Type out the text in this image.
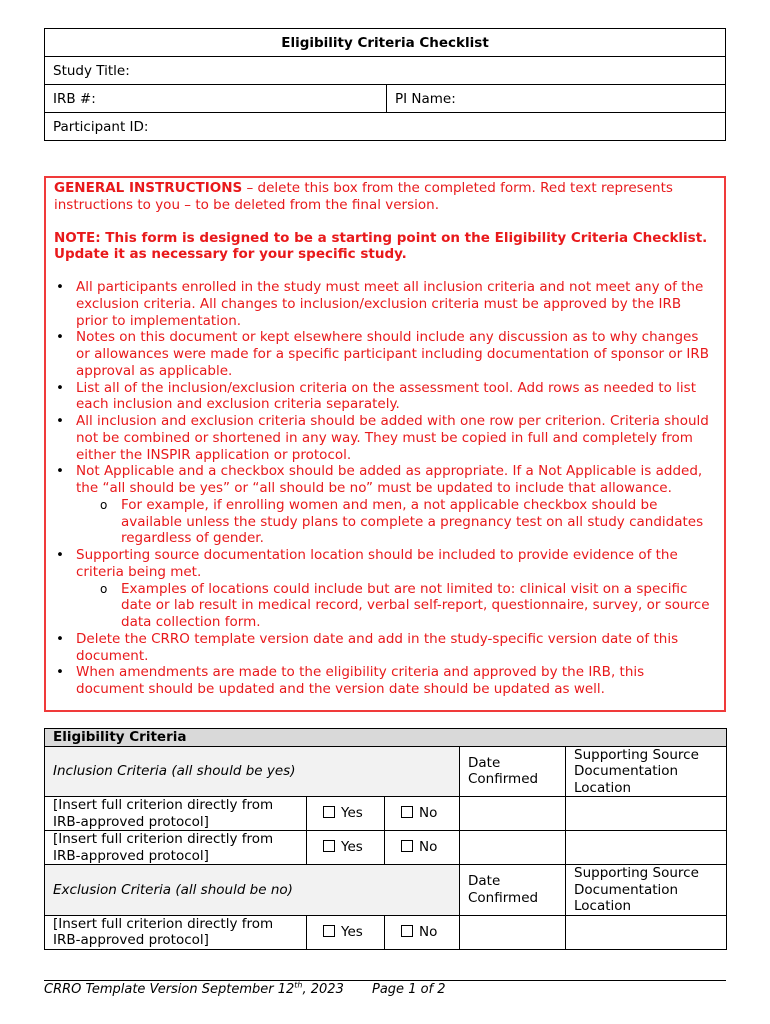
Eligibility Criteria Checklist
Study Title:
IRB #:	PI Name:
Participant ID:

GENERAL INSTRUCTIONS – delete this box from the completed form. Red text represents instructions to you – to be deleted from the final version.

NOTE: This form is designed to be a starting point on the Eligibility Criteria Checklist. Update it as necessary for your specific study.

• All participants enrolled in the study must meet all inclusion criteria and not meet any of the exclusion criteria. All changes to inclusion/exclusion criteria must be approved by the IRB prior to implementation.
• Notes on this document or kept elsewhere should include any discussion as to why changes or allowances were made for a specific participant including documentation of sponsor or IRB approval as applicable.
• List all of the inclusion/exclusion criteria on the assessment tool. Add rows as needed to list each inclusion and exclusion criteria separately.
• All inclusion and exclusion criteria should be added with one row per criterion. Criteria should not be combined or shortened in any way. They must be copied in full and completely from either the INSPIR application or protocol.
• Not Applicable and a checkbox should be added as appropriate. If a Not Applicable is added, the “all should be yes” or “all should be no” must be updated to include that allowance.
o For example, if enrolling women and men, a not applicable checkbox should be available unless the study plans to complete a pregnancy test on all study candidates regardless of gender.
• Supporting source documentation location should be included to provide evidence of the criteria being met.
o Examples of locations could include but are not limited to: clinical visit on a specific date or lab result in medical record, verbal self-report, questionnaire, survey, or source data collection form.
• Delete the CRRO template version date and add in the study-specific version date of this document.
• When amendments are made to the eligibility criteria and approved by the IRB, this document should be updated and the version date should be updated as well.
Eligibility Criteria				
Inclusion Criteria (all should be yes)			Date Confirmed	Supporting Source Documentation Location
[Insert full criterion directly from IRB-approved protocol]	Yes	No		
[Insert full criterion directly from IRB-approved protocol]	Yes	No		
Exclusion Criteria (all should be no)			Date Confirmed	Supporting Source Documentation Location
[Insert full criterion directly from IRB-approved protocol]	Yes	No		
CRRO Template Version September 12th, 2023 Page 1 of 2
